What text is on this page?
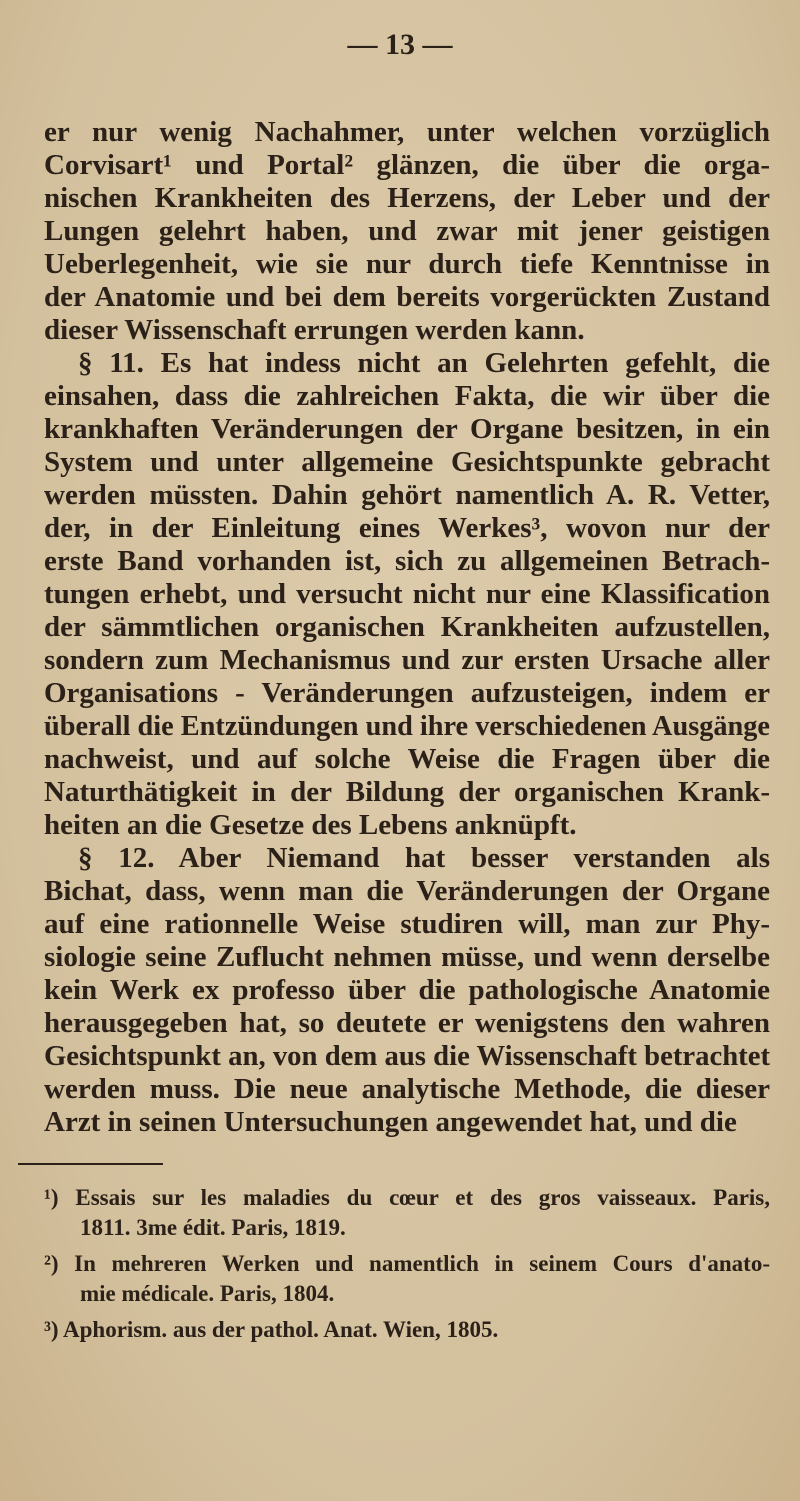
— 13 —
er nur wenig Nachahmer, unter welchen vorzüglich
Corvisart¹ und Portal² glänzen, die über die orga-
nischen Krankheiten des Herzens, der Leber und der
Lungen gelehrt haben, und zwar mit jener geistigen
Ueberlegenheit, wie sie nur durch tiefe Kenntnisse in
der Anatomie und bei dem bereits vorgerückten Zustand
dieser Wissenschaft errungen werden kann.
§ 11. Es hat indess nicht an Gelehrten gefehlt, die
einsahen, dass die zahlreichen Fakta, die wir über die
krankhaften Veränderungen der Organe besitzen, in ein
System und unter allgemeine Gesichtspunkte gebracht
werden müssten. Dahin gehört namentlich A. R. Vetter,
der, in der Einleitung eines Werkes³, wovon nur der
erste Band vorhanden ist, sich zu allgemeinen Betrach-
tungen erhebt, und versucht nicht nur eine Klassification
der sämmtlichen organischen Krankheiten aufzustellen,
sondern zum Mechanismus und zur ersten Ursache aller
Organisations - Veränderungen aufzusteigen, indem er
überall die Entzündungen und ihre verschiedenen Ausgänge
nachweist, und auf solche Weise die Fragen über die
Naturthätigkeit in der Bildung der organischen Krank-
heiten an die Gesetze des Lebens anknüpft.
§ 12. Aber Niemand hat besser verstanden als
Bichat, dass, wenn man die Veränderungen der Organe
auf eine rationnelle Weise studiren will, man zur Phy-
siologie seine Zuflucht nehmen müsse, und wenn derselbe
kein Werk ex professo über die pathologische Anatomie
herausgegeben hat, so deutete er wenigstens den wahren
Gesichtspunkt an, von dem aus die Wissenschaft betrachtet
werden muss. Die neue analytische Methode, die dieser
Arzt in seinen Untersuchungen angewendet hat, und die
¹) Essais sur les maladies du cœur et des gros vaisseaux. Paris,
1811. 3me édit. Paris, 1819.
²) In mehreren Werken und namentlich in seinem Cours d'anato-
mie médicale. Paris, 1804.
³) Aphorism. aus der pathol. Anat. Wien, 1805.
